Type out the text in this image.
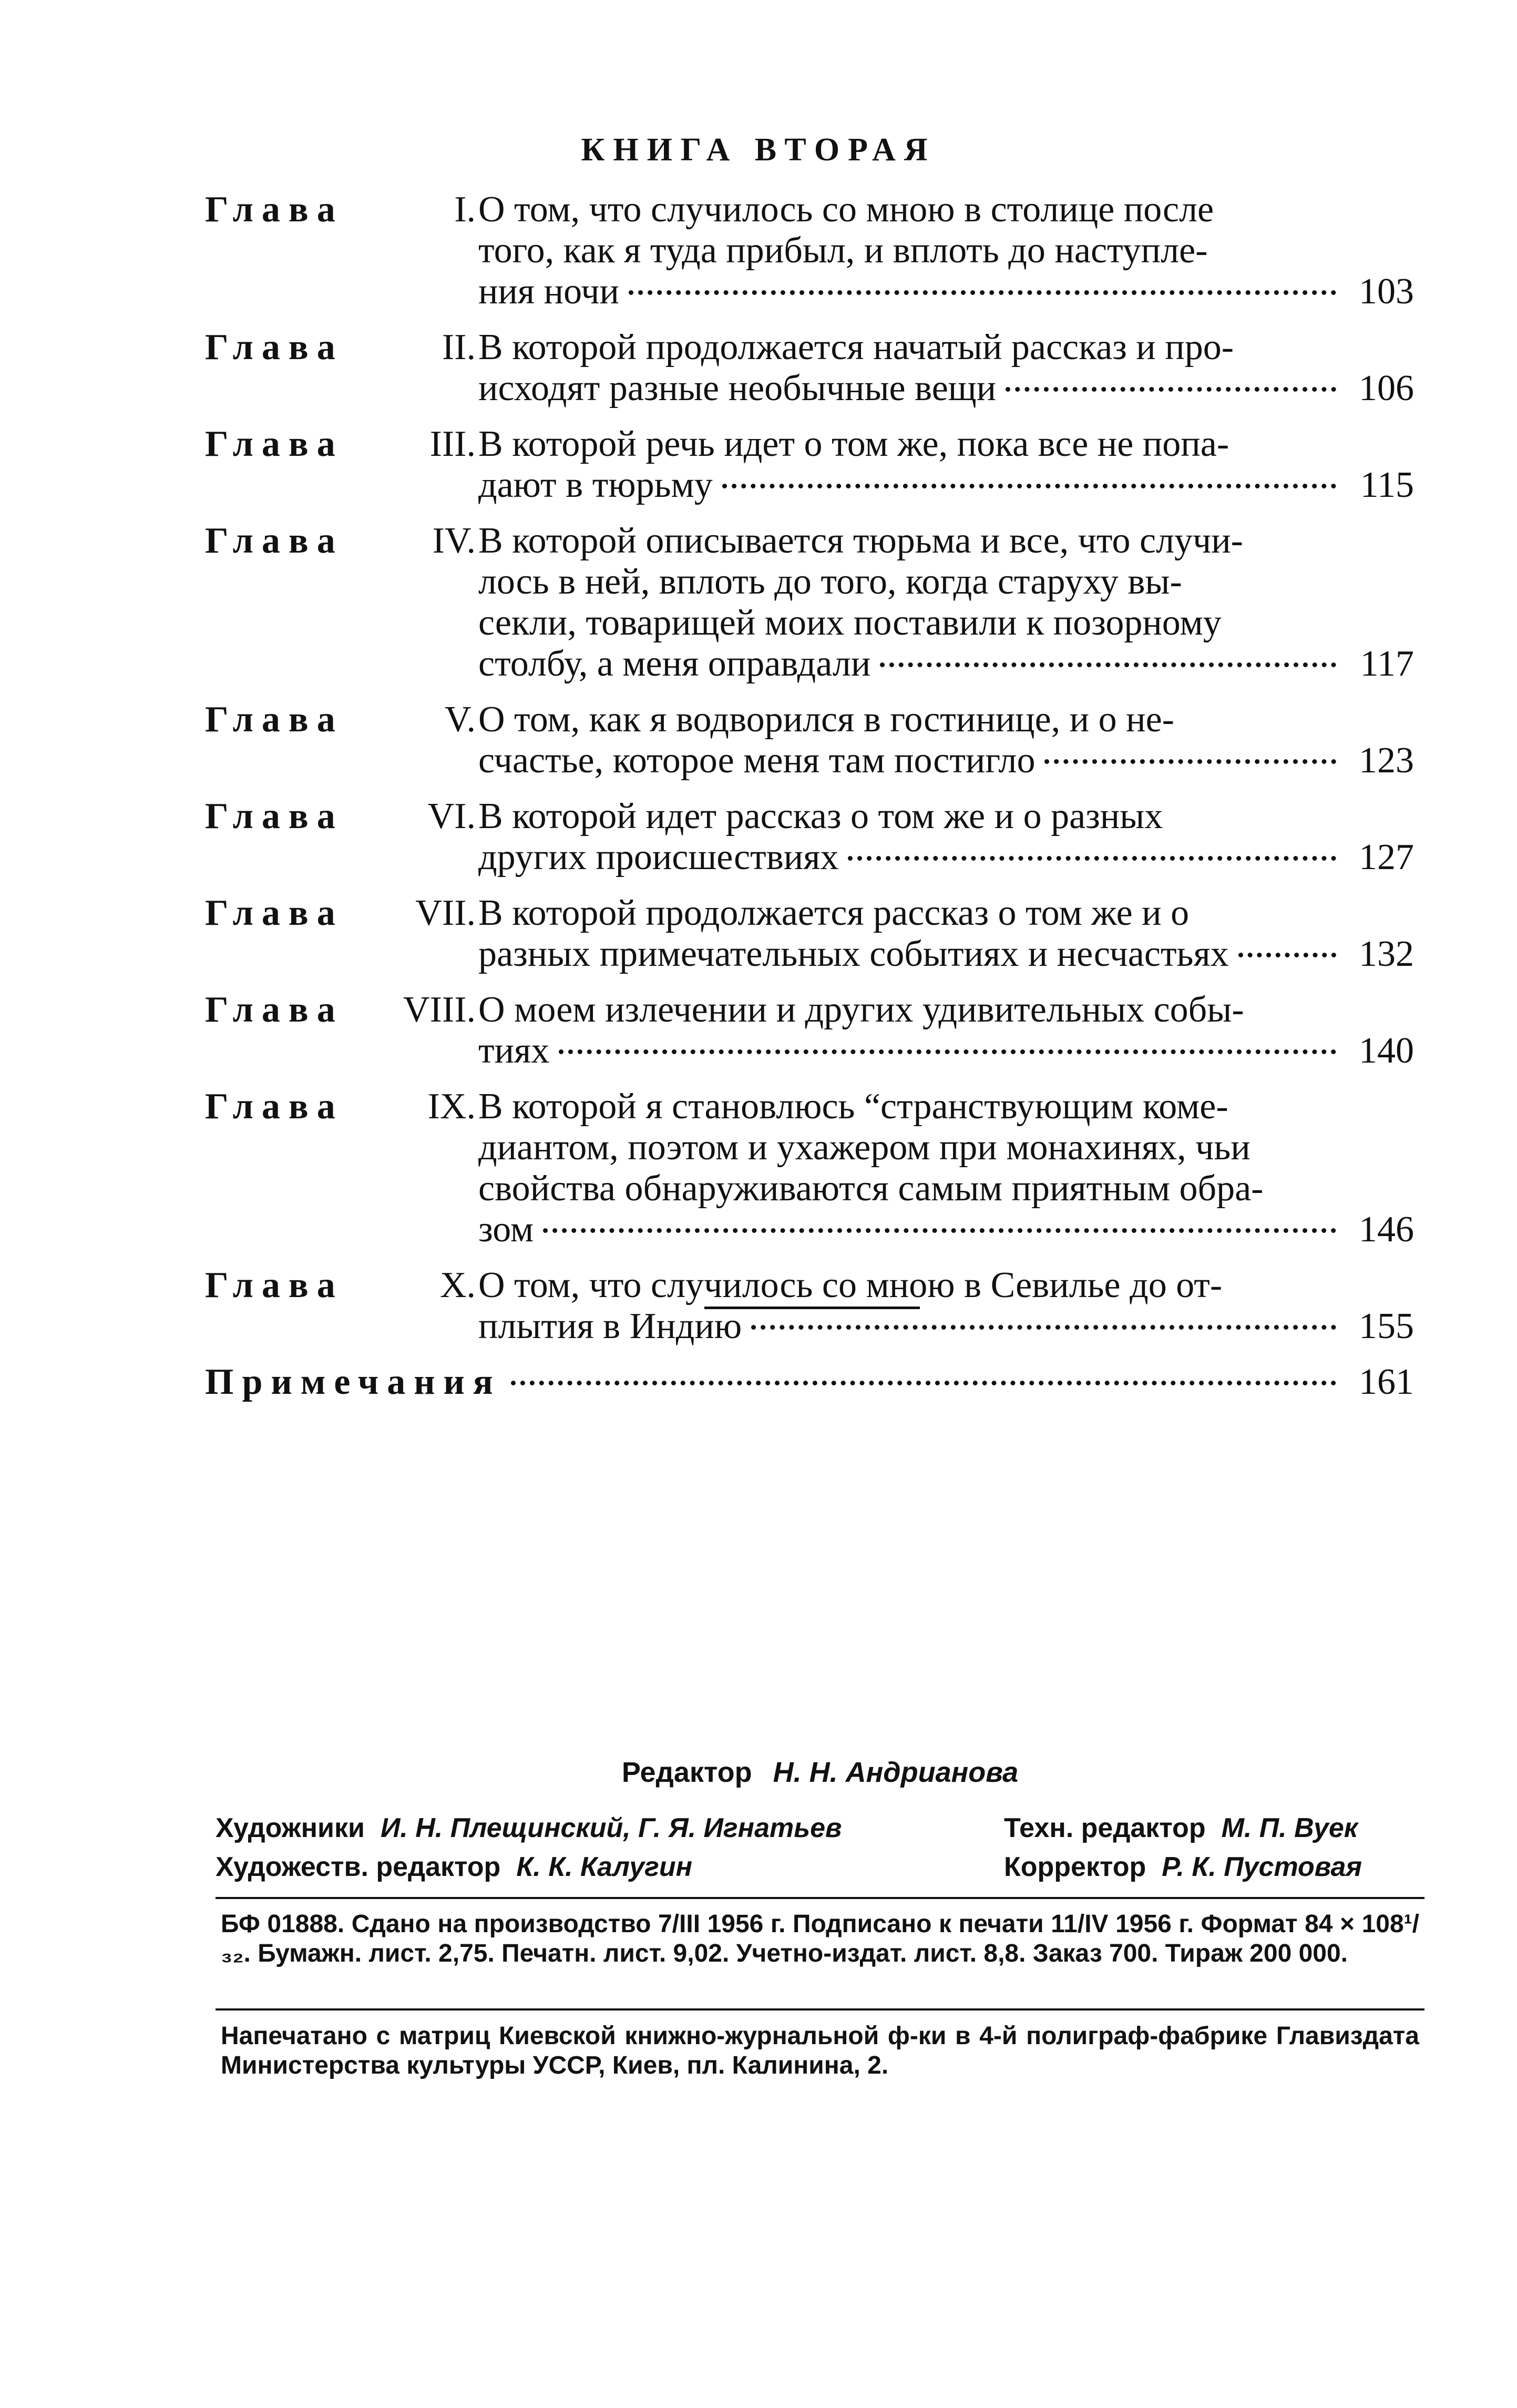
КНИГА ВТОРАЯ
Глава	I. О том, что случилось со мною в столице после
того, как я туда прибыл, и вплоть до наступле-
ния ночи	103
Глава	II. В которой продолжается начатый рассказ и про-
исходят разные необычные вещи	106
Глава	III. В которой речь идет о том же, пока все не попа-
дают в тюрьму	115
Глава	IV. В которой описывается тюрьма и все, что случи-
лось в ней, вплоть до того, когда старуху вы-
секли, товарищей моих поставили к позорному
столбу, а меня оправдали	117
Глава	V. О том, как я водворился в гостинице, и о не-
счастье, которое меня там постигло	123
Глава	VI. В которой идет рассказ о том же и о разных
других происшествиях	127
Глава	VII. В которой продолжается рассказ о том же и о
разных примечательных событиях и несчастьях	132
Глава	VIII. О моем излечении и других удивительных собы-
тиях	140
Глава	IX. В которой я становлюсь “странствующим коме-
диантом, поэтом и ухажером при монахинях, чьи
свойства обнаруживаются самым приятным обра-
зом	146
Глава	X. О том, что случилось со мною в Севилье до от-
плытия в Индию	155
Примечания	161
Редактор Н. Н. Андрианова
Художники И. Н. Плещинский, Г. Я. Игнатьев
Художеств. редактор К. К. Калугин
Техн. редактор М. П. Вуек
Корректор Р. К. Пустовая
БФ 01888. Сдано на производство 7/III 1956 г. Подписано к печати 11/IV 1956 г. Формат 84 × 108¹/₃₂. Бумажн. лист. 2,75. Печатн. лист. 9,02. Учетно-издат. лист. 8,8. Заказ 700. Тираж 200 000.
Напечатано с матриц Киевской книжно-журнальной ф-ки в 4-й полиграф-фабрике Главиздата Министерства культуры УССР, Киев, пл. Калинина, 2.
